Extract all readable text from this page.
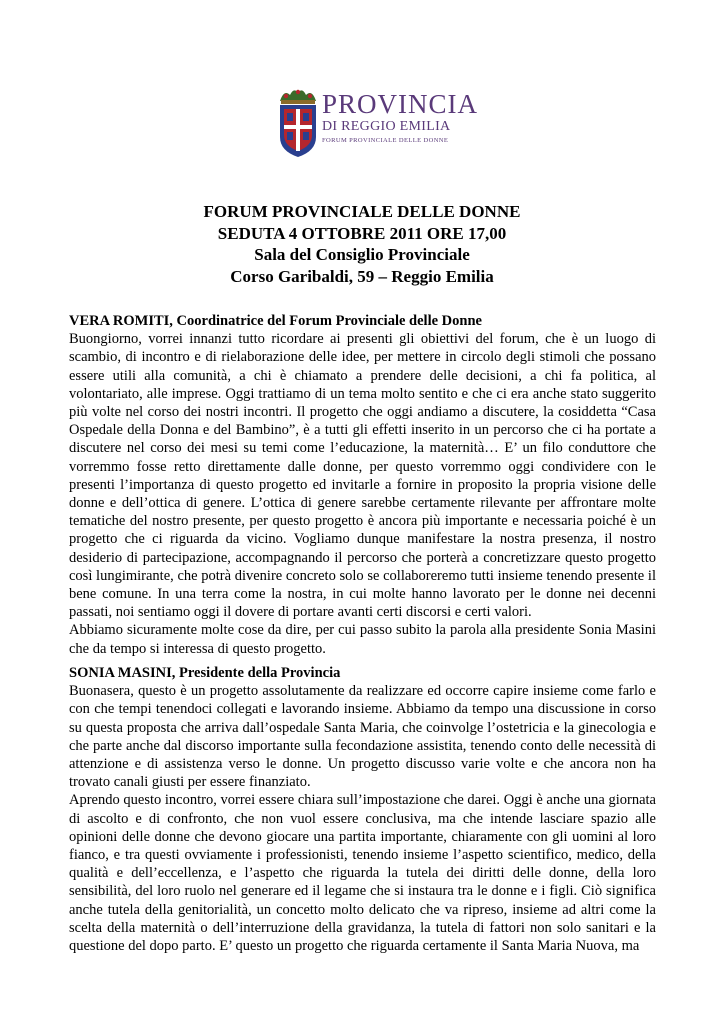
PROVINCIA
DI REGGIO EMILIA
FORUM PROVINCIALE DELLE DONNE
FORUM PROVINCIALE DELLE DONNE
SEDUTA 4 OTTOBRE 2011 ORE 17,00
Sala del Consiglio Provinciale
Corso Garibaldi, 59 – Reggio Emilia
VERA ROMITI, Coordinatrice del Forum Provinciale delle Donne

Buongiorno, vorrei innanzi tutto ricordare ai presenti gli obiettivi del forum, che è un luogo di scambio, di incontro e di rielaborazione delle idee, per mettere in circolo degli stimoli che possano essere utili alla comunità, a chi è chiamato a prendere delle decisioni, a chi fa politica, al volontariato, alle imprese. Oggi trattiamo di un tema molto sentito e che ci era anche stato suggerito più volte nel corso dei nostri incontri. Il progetto che oggi andiamo a discutere, la cosiddetta “Casa Ospedale della Donna e del Bambino”, è a tutti gli effetti inserito in un percorso che ci ha portate a discutere nel corso dei mesi su temi come l’educazione, la maternità… E’ un filo conduttore che vorremmo fosse retto direttamente dalle donne, per questo vorremmo oggi condividere con le presenti l’importanza di questo progetto ed invitarle a fornire in proposito la propria visione delle donne e dell’ottica di genere. L’ottica di genere sarebbe certamente rilevante per affrontare molte tematiche del nostro presente, per questo progetto è ancora più importante e necessaria poiché è un progetto che ci riguarda da vicino. Vogliamo dunque manifestare la nostra presenza, il nostro desiderio di partecipazione, accompagnando il percorso che porterà a concretizzare questo progetto così lungimirante, che potrà divenire concreto solo se collaboreremo tutti insieme tenendo presente il bene comune. In una terra come la nostra, in cui molte hanno lavorato per le donne nei decenni passati, noi sentiamo oggi il dovere di portare avanti certi discorsi e certi valori.

Abbiamo sicuramente molte cose da dire, per cui passo subito la parola alla presidente Sonia Masini che da tempo si interessa di questo progetto.

SONIA MASINI, Presidente della Provincia

Buonasera, questo è un progetto assolutamente da realizzare ed occorre capire insieme come farlo e con che tempi tenendoci collegati e lavorando insieme. Abbiamo da tempo una discussione in corso su questa proposta che arriva dall’ospedale Santa Maria, che coinvolge l’ostetricia e la ginecologia e che parte anche dal discorso importante sulla fecondazione assistita, tenendo conto delle necessità di attenzione e di assistenza verso le donne. Un progetto discusso varie volte e che ancora non ha trovato canali giusti per essere finanziato.

Aprendo questo incontro, vorrei essere chiara sull’impostazione che darei. Oggi è anche una giornata di ascolto e di confronto, che non vuol essere conclusiva, ma che intende lasciare spazio alle opinioni delle donne che devono giocare una partita importante, chiaramente con gli uomini al loro fianco, e tra questi ovviamente i professionisti, tenendo insieme l’aspetto scientifico, medico, della qualità e dell’eccellenza, e l’aspetto che riguarda la tutela dei diritti delle donne, della loro sensibilità, del loro ruolo nel generare ed il legame che si instaura tra le donne e i figli. Ciò significa anche tutela della genitorialità, un concetto molto delicato che va ripreso, insieme ad altri come la scelta della maternità o dell’interruzione della gravidanza, la tutela di fattori non solo sanitari e la questione del dopo parto. E’ questo un progetto che riguarda certamente il Santa Maria Nuova, ma
